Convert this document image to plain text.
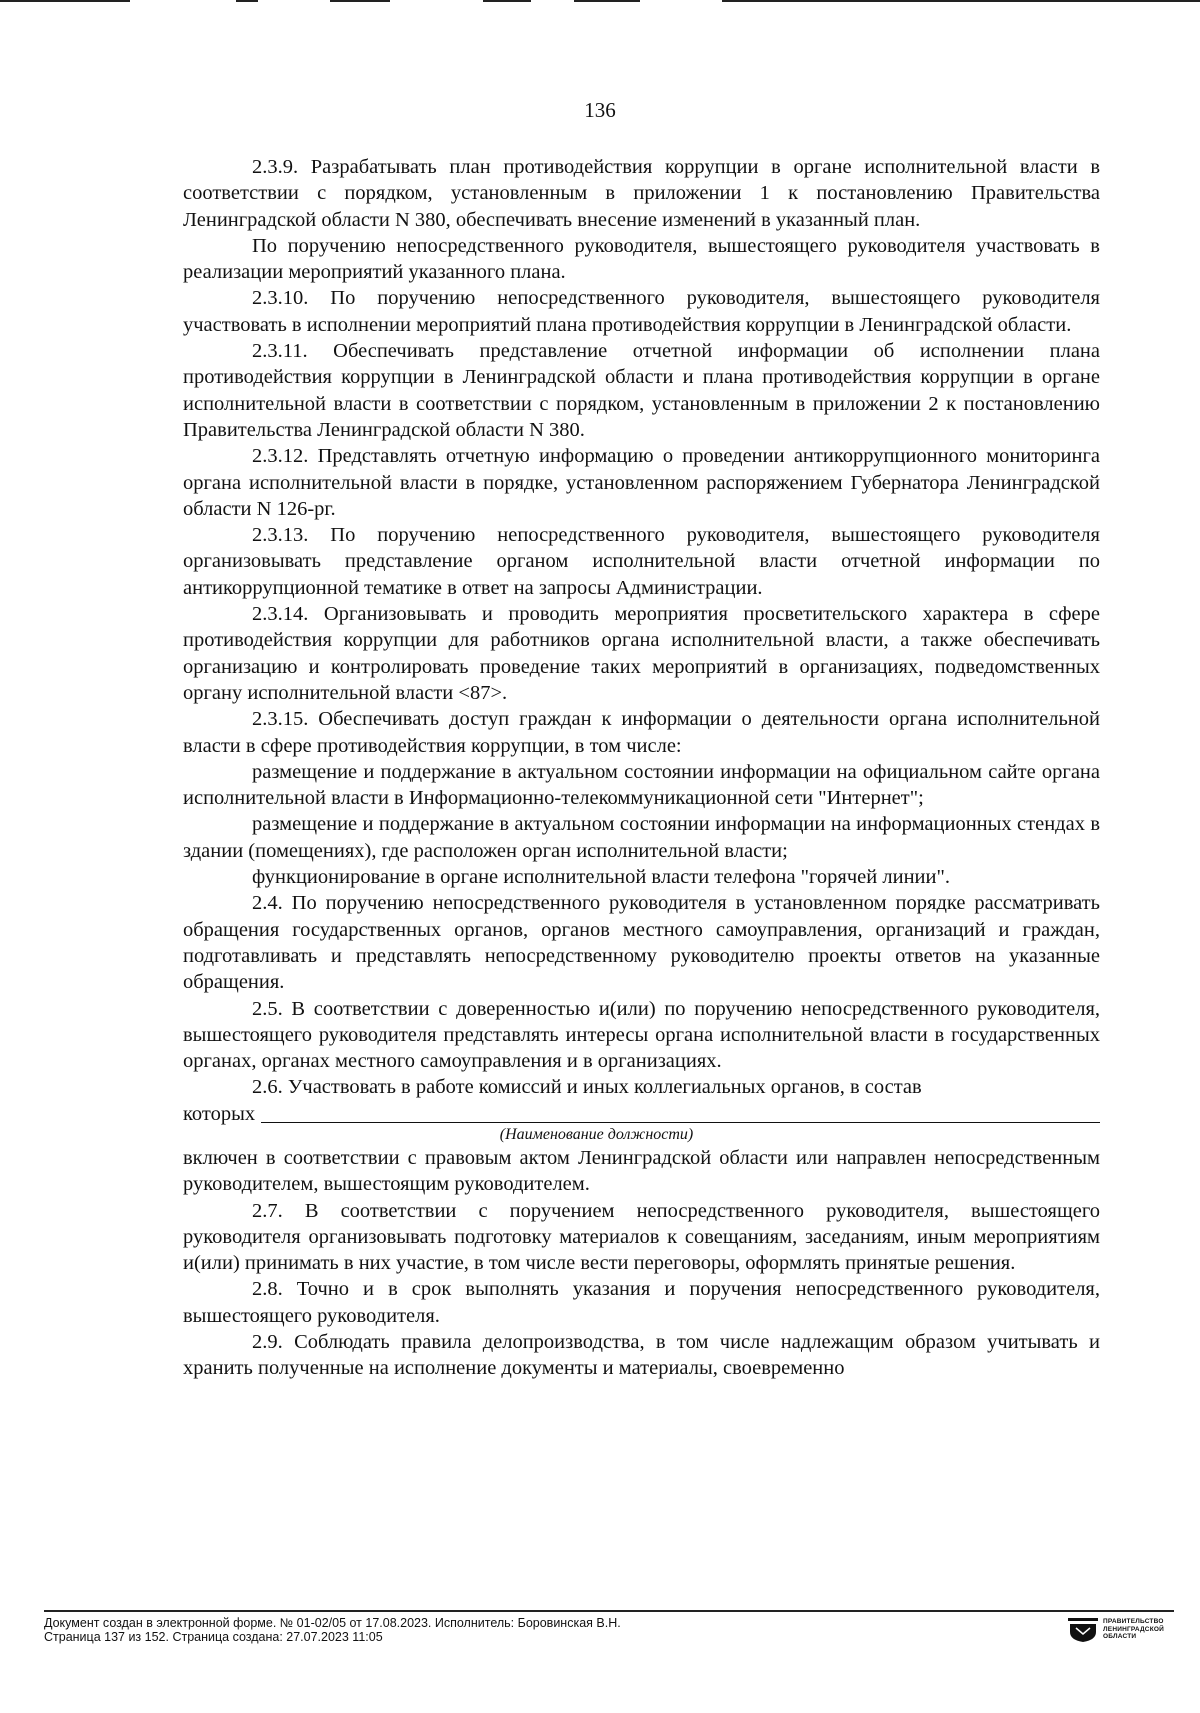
136

2.3.9. Разрабатывать план противодействия коррупции в органе исполнительной власти в соответствии с порядком, установленным в приложении 1 к постановлению Правительства Ленинградской области N 380, обеспечивать внесение изменений в указанный план.

По поручению непосредственного руководителя, вышестоящего руководителя участвовать в реализации мероприятий указанного плана.

2.3.10. По поручению непосредственного руководителя, вышестоящего руководителя участвовать в исполнении мероприятий плана противодействия коррупции в Ленинградской области.

2.3.11. Обеспечивать представление отчетной информации об исполнении плана противодействия коррупции в Ленинградской области и плана противодействия коррупции в органе исполнительной власти в соответствии с порядком, установленным в приложении 2 к постановлению Правительства Ленинградской области N 380.

2.3.12. Представлять отчетную информацию о проведении антикоррупционного мониторинга органа исполнительной власти в порядке, установленном распоряжением Губернатора Ленинградской области N 126-рг.

2.3.13. По поручению непосредственного руководителя, вышестоящего руководителя организовывать представление органом исполнительной власти отчетной информации по антикоррупционной тематике в ответ на запросы Администрации.

2.3.14. Организовывать и проводить мероприятия просветительского характера в сфере противодействия коррупции для работников органа исполнительной власти, а также обеспечивать организацию и контролировать проведение таких мероприятий в организациях, подведомственных органу исполнительной власти <87>.

2.3.15. Обеспечивать доступ граждан к информации о деятельности органа исполнительной власти в сфере противодействия коррупции, в том числе:

размещение и поддержание в актуальном состоянии информации на официальном сайте органа исполнительной власти в Информационно-телекоммуникационной сети "Интернет";

размещение и поддержание в актуальном состоянии информации на информационных стендах в здании (помещениях), где расположен орган исполнительной власти;

функционирование в органе исполнительной власти телефона "горячей линии".

2.4. По поручению непосредственного руководителя в установленном порядке рассматривать обращения государственных органов, органов местного самоуправления, организаций и граждан, подготавливать и представлять непосредственному руководителю проекты ответов на указанные обращения.

2.5. В соответствии с доверенностью и(или) по поручению непосредственного руководителя, вышестоящего руководителя представлять интересы органа исполнительной власти в государственных органах, органах местного самоуправления и в организациях.

2.6. Участвовать в работе комиссий и иных коллегиальных органов, в состав

которых
(Наименование должности)

включен в соответствии с правовым актом Ленинградской области или направлен непосредственным руководителем, вышестоящим руководителем.

2.7. В соответствии с поручением непосредственного руководителя, вышестоящего руководителя организовывать подготовку материалов к совещаниям, заседаниям, иным мероприятиям и(или) принимать в них участие, в том числе вести переговоры, оформлять принятые решения.

2.8. Точно и в срок выполнять указания и поручения непосредственного руководителя, вышестоящего руководителя.

2.9. Соблюдать правила делопроизводства, в том числе надлежащим образом учитывать и хранить полученные на исполнение документы и материалы, своевременно

Документ создан в электронной форме. № 01-02/05 от 17.08.2023. Исполнитель: Боровинская В.Н.
Страница 137 из 152. Страница создана: 27.07.2023 11:05
ПРАВИТЕЛЬСТВО
ЛЕНИНГРАДСКОЙ
ОБЛАСТИ
